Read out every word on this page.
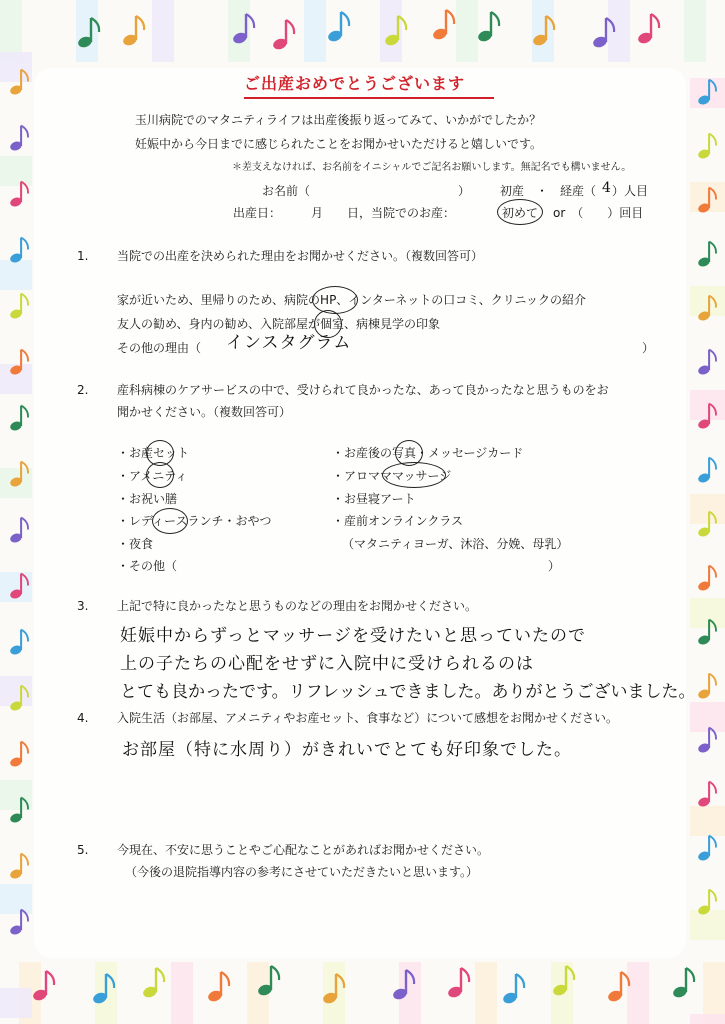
ご出産おめでとうございます
玉川病院でのマタニティライフは出産後振り返ってみて、いかがでしたか？
妊娠中から今日までに感じられたことをお聞かせいただけると嬉しいです。
＊差支えなければ、お名前をイニシャルでご記名お願いします。無記名でも構いません。
お名前（	） 初産　・　経産（ 4 ）人目
出産日：　　　月　　日，当院でのお産：	初めて or　（　　）回目
1. 当院での出産を決められた理由をお聞かせください。（複数回答可）
家が近いため、里帰りのため、病院のHP、インターネットの口コミ、クリニックの紹介
友人の勧め、身内の勧め、入院部屋が個室、病棟見学の印象
その他の理由（ インスタグラム	）
2. 産科病棟のケアサービスの中で、受けられて良かったな、あって良かったなと思うものをお
聞かせください。（複数回答可）
・お産セット
・アメニティ
・お祝い膳
・レディースランチ・おやつ
・夜食
・その他（	）
・お産後の写真・メッセージカード
・アロマママッサージ
・お昼寝アート
・産前オンラインクラス
（マタニティヨーガ、沐浴、分娩、母乳）
3. 上記で特に良かったなと思うものなどの理由をお聞かせください。
妊娠中からずっとマッサージを受けたいと思っていたので
上の子たちの心配をせずに入院中に受けられるのは
とても良かったです。リフレッシュできました。ありがとうございました。
4. 入院生活（お部屋、アメニティやお産セット、食事など）について感想をお聞かせください。
お部屋（特に水周り）がきれいでとても好印象でした。
5. 今現在、不安に思うことやご心配なことがあればお聞かせください。
（今後の退院指導内容の参考にさせていただきたいと思います。）
